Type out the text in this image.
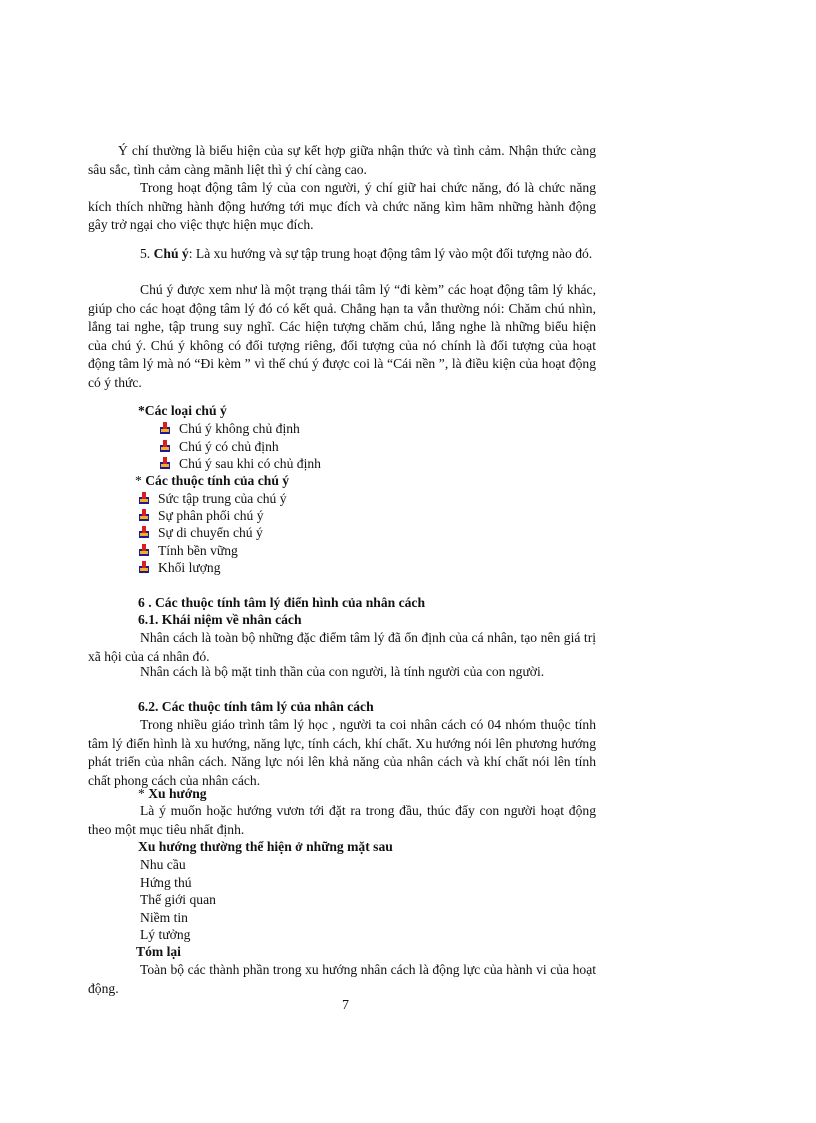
Ý chí thường là biểu hiện của sự kết hợp giữa nhận thức và tình cảm. Nhận thức càng sâu sắc, tình cảm càng mãnh liệt thì ý chí càng cao.

Trong hoạt động tâm lý của con người, ý chí giữ hai chức năng, đó là chức năng kích thích những hành động hướng tới mục đích và chức năng kìm hãm những hành động gây trở ngại cho việc thực hiện mục đích.

5. Chú ý: Là xu hướng và sự tập trung hoạt động tâm lý vào một đối tượng nào đó.

Chú ý được xem như là một trạng thái tâm lý “đi kèm” các hoạt động tâm lý khác, giúp cho các hoạt động tâm lý đó có kết quả. Chẳng hạn ta vẫn thường nói: Chăm chú nhìn, lắng tai nghe, tập trung suy nghĩ. Các hiện tượng chăm chú, lắng nghe là những biểu hiện của chú ý. Chú ý không có đối tượng riêng, đối tượng của nó chính là đối tượng của hoạt động tâm lý mà nó “Đi kèm ” vì thế chú ý được coi là “Cái nền ”, là điều kiện của hoạt động có ý thức.

*Các loại chú ý
Chú ý không chủ định
Chú ý có chủ định
Chú ý sau khi có chủ định
* Các thuộc tính của chú ý
Sức tập trung của chú ý
Sự phân phối chú ý
Sự di chuyển chú ý
Tính bền vững
Khối lượng
6 . Các thuộc tính tâm lý điển hình của nhân cách
6.1. Khái niệm về nhân cách

Nhân cách là toàn bộ những đặc điểm tâm lý đã ổn định của cá nhân, tạo nên giá trị xã hội của cá nhân đó.

Nhân cách là bộ mặt tinh thần của con người, là tính người của con người.

6.2. Các thuộc tính tâm lý của nhân cách

Trong nhiều giáo trình tâm lý học , người ta coi nhân cách có 04 nhóm thuộc tính tâm lý điển hình là xu hướng, năng lực, tính cách, khí chất. Xu hướng nói lên phương hướng phát triển của nhân cách. Năng lực nói lên khả năng của nhân cách và khí chất nói lên tính chất phong cách của nhân cách.

* Xu hướng

Là ý muốn hoặc hướng vươn tới đặt ra trong đầu, thúc đẩy con người hoạt động theo một mục tiêu nhất định.

Xu hướng thường thể hiện ở những mặt sau
Nhu cầu
Hứng thú
Thế giới quan
Niềm tin
Lý tưởng
Tóm lại

Toàn bộ các thành phần trong xu hướng nhân cách là động lực của hành vi của hoạt động.

7
